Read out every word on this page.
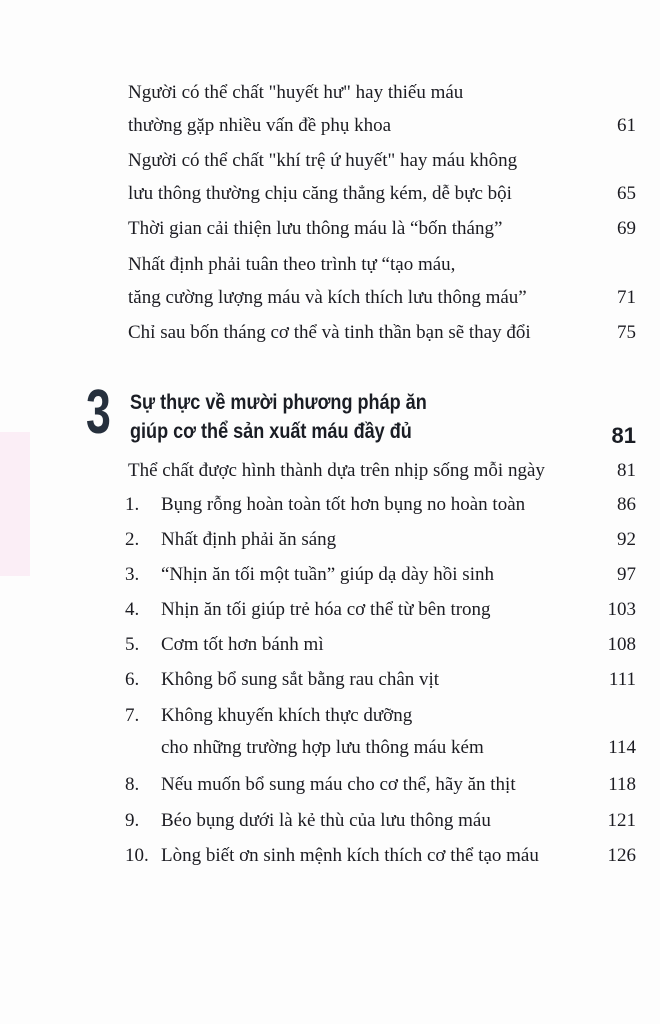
Người có thể chất "huyết hư" hay thiếu máu
thường gặp nhiều vấn đề phụ khoa	61
Người có thể chất "khí trệ ứ huyết" hay máu không
lưu thông thường chịu căng thẳng kém, dễ bực bội	65
Thời gian cải thiện lưu thông máu là “bốn tháng”	69
Nhất định phải tuân theo trình tự “tạo máu,
tăng cường lượng máu và kích thích lưu thông máu”	71
Chỉ sau bốn tháng cơ thể và tinh thần bạn sẽ thay đổi	75
3 Sự thực về mười phương pháp ăn
giúp cơ thể sản xuất máu đầy đủ	81
Thể chất được hình thành dựa trên nhịp sống mỗi ngày	81
1.	Bụng rỗng hoàn toàn tốt hơn bụng no hoàn toàn	86
2.	Nhất định phải ăn sáng	92
3.	“Nhịn ăn tối một tuần” giúp dạ dày hồi sinh	97
4.	Nhịn ăn tối giúp trẻ hóa cơ thể từ bên trong	103
5.	Cơm tốt hơn bánh mì	108
6.	Không bổ sung sắt bằng rau chân vịt	111
7.	Không khuyến khích thực dưỡng
cho những trường hợp lưu thông máu kém	114
8.	Nếu muốn bổ sung máu cho cơ thể, hãy ăn thịt	118
9.	Béo bụng dưới là kẻ thù của lưu thông máu	121
10. Lòng biết ơn sinh mệnh kích thích cơ thể tạo máu	126
